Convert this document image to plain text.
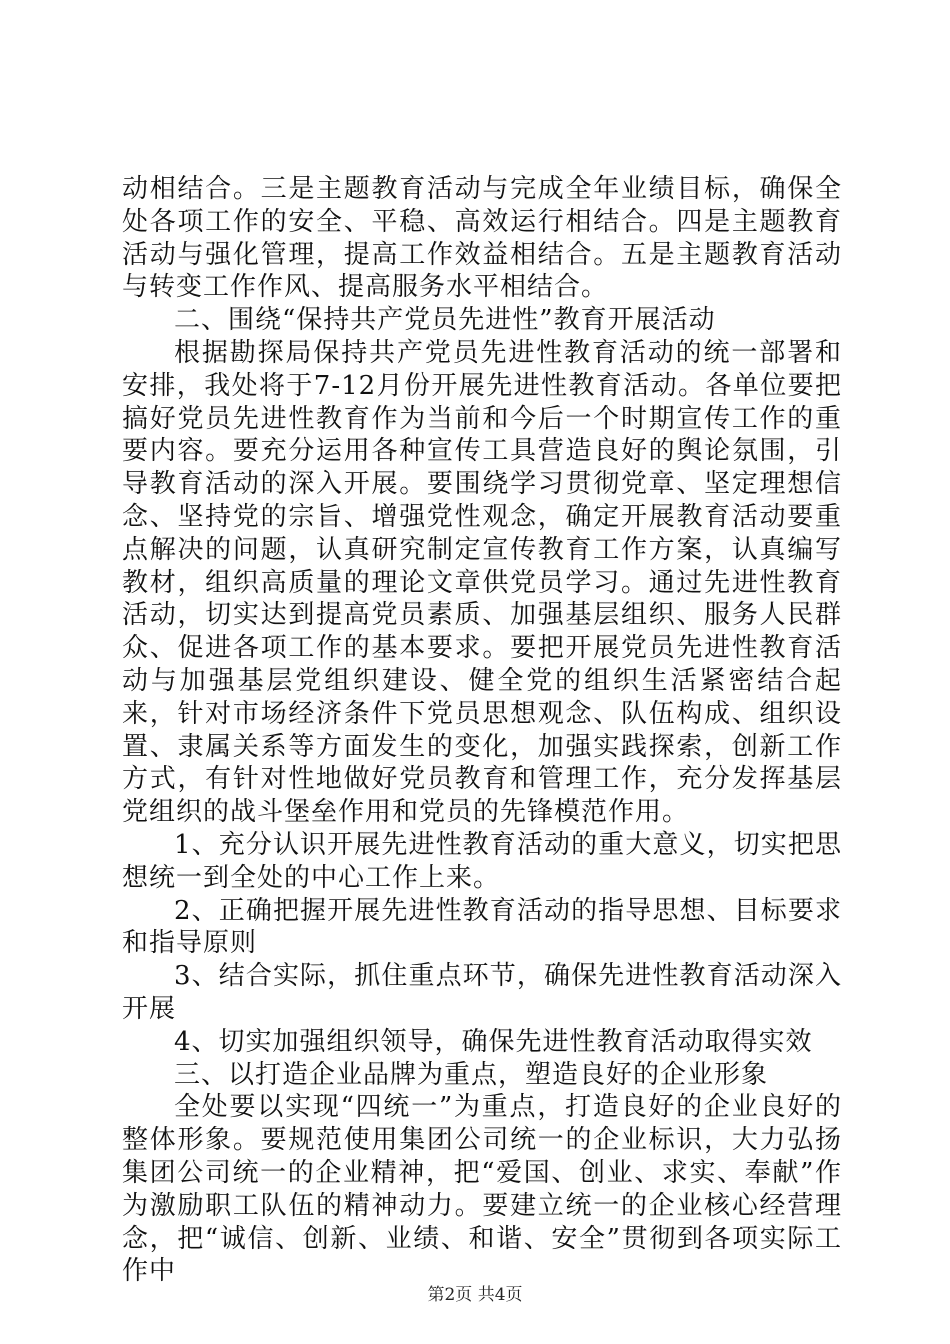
动相结合。三是主题教育活动与完成全年业绩目标，确保全处各项工作的安全、平稳、高效运行相结合。四是主题教育活动与强化管理，提高工作效益相结合。五是主题教育活动与转变工作作风、提高服务水平相结合。

二、围绕“保持共产党员先进性”教育开展活动

根据勘探局保持共产党员先进性教育活动的统一部署和安排，我处将于7-12月份开展先进性教育活动。各单位要把搞好党员先进性教育作为当前和今后一个时期宣传工作的重要内容。要充分运用各种宣传工具营造良好的舆论氛围，引导教育活动的深入开展。要围绕学习贯彻党章、坚定理想信念、坚持党的宗旨、增强党性观念，确定开展教育活动要重点解决的问题，认真研究制定宣传教育工作方案，认真编写教材，组织高质量的理论文章供党员学习。通过先进性教育活动，切实达到提高党员素质、加强基层组织、服务人民群众、促进各项工作的基本要求。要把开展党员先进性教育活动与加强基层党组织建设、健全党的组织生活紧密结合起来，针对市场经济条件下党员思想观念、队伍构成、组织设置、隶属关系等方面发生的变化，加强实践探索，创新工作方式，有针对性地做好党员教育和管理工作，充分发挥基层党组织的战斗堡垒作用和党员的先锋模范作用。

1、充分认识开展先进性教育活动的重大意义，切实把思想统一到全处的中心工作上来。

2、正确把握开展先进性教育活动的指导思想、目标要求和指导原则

3、结合实际，抓住重点环节，确保先进性教育活动深入开展

4、切实加强组织领导，确保先进性教育活动取得实效

三、以打造企业品牌为重点，塑造良好的企业形象

全处要以实现“四统一”为重点，打造良好的企业良好的整体形象。要规范使用集团公司统一的企业标识，大力弘扬集团公司统一的企业精神，把“爱国、创业、求实、奉献”作为激励职工队伍的精神动力。要建立统一的企业核心经营理念，把“诚信、创新、业绩、和谐、安全”贯彻到各项实际工作中

第2页 共4页
